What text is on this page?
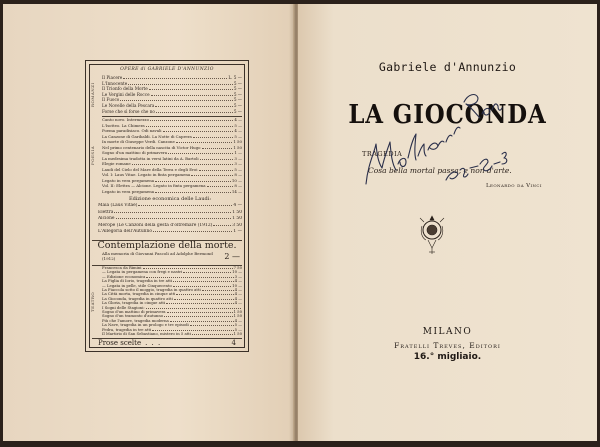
OPERE di GABRIELE D'ANNUNZIO
ROMANZI
Il Piacere	L. 5 —
L'Innocente	5 —
Il Trionfo della Morte	5 —
Le Vergini delle Rocce	5 —
Il Fuoco	5 —
Le Novelle della Pescara	5 —
Forse che sì forse che no	5 —
POESIA
Canto novo. Intermezzo	4 —
L'Isotteo. La Chimera	5 —
Poema paradisiaco. Odi navali	4 —
La Canzone di Garibaldi. La Notte di Caprera	5 —
In morte di Giuseppe Verdi. Canzone	1 50
Nel primo centenario della nascita di Victor Hugo	1 50
Sogno d'un mattino di primavera	1 —
La medesima tradotta in versi latini da A. Bartoli	3 —
Elegie romane	3 —
Laudi del Cielo del Mare della Terra e degli Eroi	5 —
Vol. I: Laus Vitae. Legato in finta pergamena	8 —
Legato in vera pergamena	10 —
Vol. II: Elettra — Alcione. Legato in finta pergamena	8 —
Legato in vera pergamena	14 —
Edizione economica delle Laudi:
Maia (Laus Vitae)	4 —
Elettra	1 50
Alcione	1 50
Merope (Le Canzoni della gesta d'oltremare (1912)	3 50
L'Allegoria dell'Autunno	1 —
Contemplazione della morte.
Alla memoria di Giovanni Pascoli ad Adolphe Bermond (1912)	2 —
TEATRO
Francesca da Rimini	7 50
— Legata in pergamena con fregi e nastri	10 —
— Edizione economica	3 —
La Figlia di Iorio, tragedia in tre atti	4 —
— Legata in pelle, stile Cinquecento	10 —
La Fiaccola sotto il moggio, tragedia in quattro atti	4 —
La Città morta, tragedia in cinque atti	4 —
La Gioconda, tragedia in quattro atti	4 —
La Gloria, tragedia in cinque atti	4 —
I Sogni delle Stagioni:
Sogno d'un mattino di primavera	1 50
Sogno d'un tramonto d'autunno	1 50
Più che l'amore, tragedia moderna	4 —
La Nave, tragedia in un prologo e tre episodi	5 —
Fedra, tragedia in tre atti	5 —
Il Martirio di San Sebastiano, mistero in 5 atti	1 50
Prose scelte . . .	4
Gabriele d'Annunzio
LA GIOCONDA
TRAGEDIA
Cosa bella mortal passa, e non d'arte.
Leonardo da Vinci
MILANO
Fratelli Treves, Editori
16.° migliaio.
